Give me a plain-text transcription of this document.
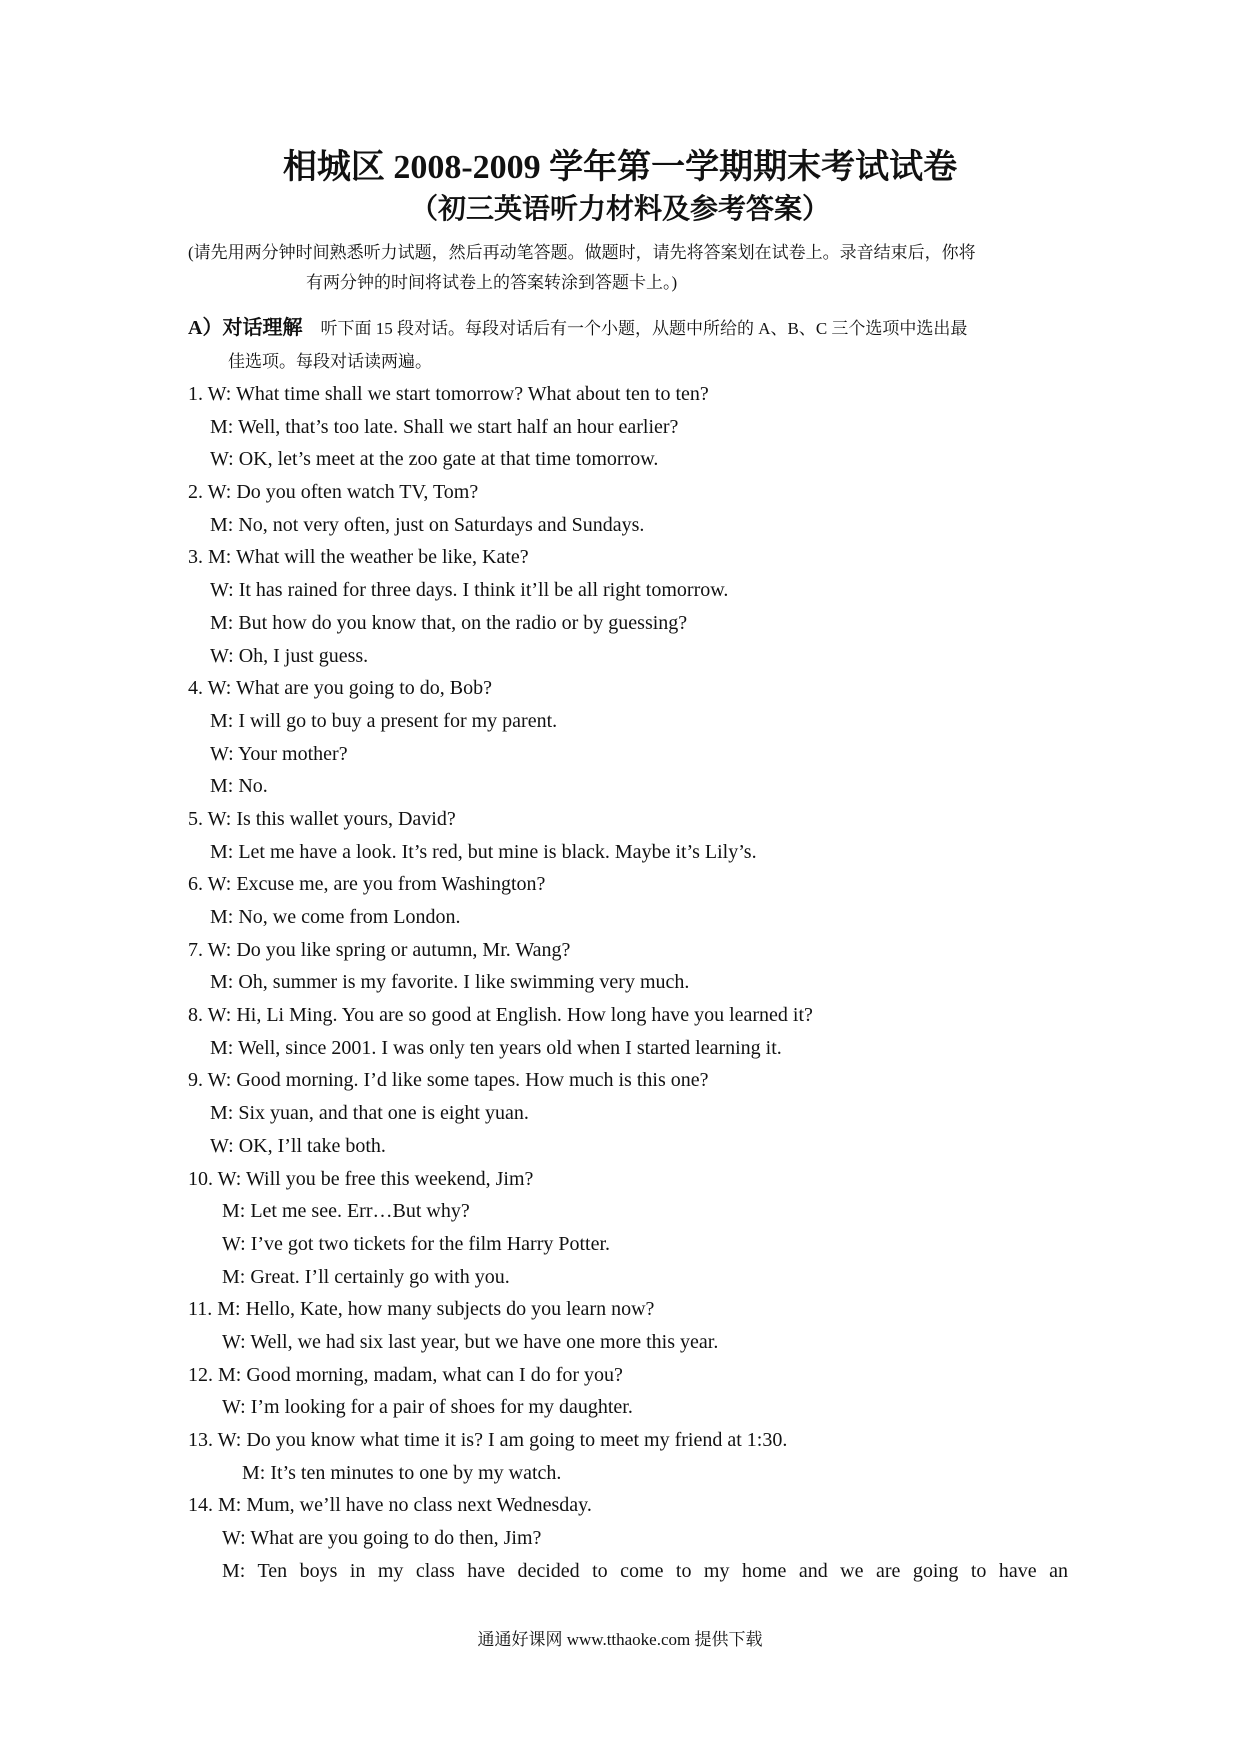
相城区 2008-2009 学年第一学期期末考试试卷
（初三英语听力材料及参考答案）
(请先用两分钟时间熟悉听力试题，然后再动笔答题。做题时，请先将答案划在试卷上。录音结束后，你将
有两分钟的时间将试卷上的答案转涂到答题卡上。)
A）对话理解 听下面 15 段对话。每段对话后有一个小题，从题中所给的 A、B、C 三个选项中选出最
佳选项。每段对话读两遍。
1. W: What time shall we start tomorrow? What about ten to ten?
M: Well, that’s too late. Shall we start half an hour earlier?
W: OK, let’s meet at the zoo gate at that time tomorrow.
2. W: Do you often watch TV, Tom?
M: No, not very often, just on Saturdays and Sundays.
3. M: What will the weather be like, Kate?
W: It has rained for three days. I think it’ll be all right tomorrow.
M: But how do you know that, on the radio or by guessing?
W: Oh, I just guess.
4. W: What are you going to do, Bob?
M: I will go to buy a present for my parent.
W: Your mother?
M: No.
5. W: Is this wallet yours, David?
M: Let me have a look. It’s red, but mine is black. Maybe it’s Lily’s.
6. W: Excuse me, are you from Washington?
M: No, we come from London.
7. W: Do you like spring or autumn, Mr. Wang?
M: Oh, summer is my favorite. I like swimming very much.
8. W: Hi, Li Ming. You are so good at English. How long have you learned it?
M: Well, since 2001. I was only ten years old when I started learning it.
9. W: Good morning. I’d like some tapes. How much is this one?
M: Six yuan, and that one is eight yuan.
W: OK, I’ll take both.
10. W: Will you be free this weekend, Jim?
M: Let me see. Err…But why?
W: I’ve got two tickets for the film Harry Potter.
M: Great. I’ll certainly go with you.
11. M: Hello, Kate, how many subjects do you learn now?
W: Well, we had six last year, but we have one more this year.
12. M: Good morning, madam, what can I do for you?
W: I’m looking for a pair of shoes for my daughter.
13. W: Do you know what time it is? I am going to meet my friend at 1:30.
M: It’s ten minutes to one by my watch.
14. M: Mum, we’ll have no class next Wednesday.
W: What are you going to do then, Jim?
M: Ten boys in my class have decided to come to my home and we are going to have an
通通好课网 www.tthaoke.com 提供下载
